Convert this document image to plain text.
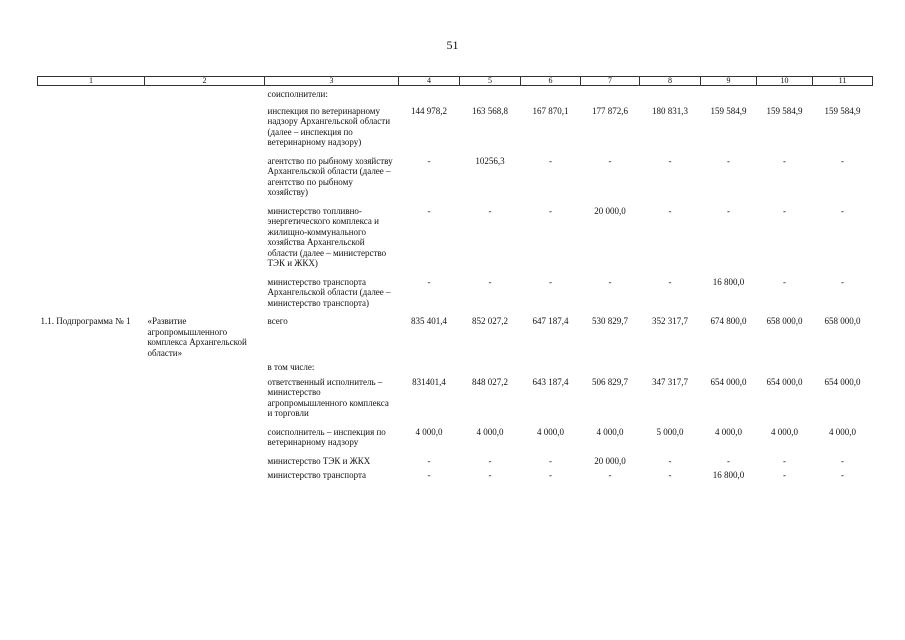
51
1	2	3	4	5	6	7	8	9	10	11
		соисполнители:								
		инспекция по ветеринарному надзору Архангельской области (далее – инспекция по ветеринарному надзору)	144 978,2	163 568,8	167 870,1	177 872,6	180 831,3	159 584,9	159 584,9	159 584,9
		агентство по рыбному хозяйству Архангельской области (далее – агентство по рыбному хозяйству)	-	10256,3	-	-	-	-	-	-
		министерство топливно-энергетического комплекса и жилищно-коммунального хозяйства Архангельской области (далее – министерство ТЭК и ЖКХ)	-	-	-	20 000,0	-	-	-	-
		министерство транспорта Архангельской области (далее – министерство транспорта)	-	-	-	-	-	16 800,0	-	-
1.1. Подпрограмма № 1	«Развитие агропромышленного комплекса Архангельской области»	всего	835 401,4	852 027,2	647 187,4	530 829,7	352 317,7	674 800,0	658 000,0	658 000,0
		в том числе:								
		ответственный исполнитель – министерство агропромышленного комплекса и торговли	831401,4	848 027,2	643 187,4	506 829,7	347 317,7	654 000,0	654 000,0	654 000,0
		соисполнитель – инспекция по ветеринарному надзору	4 000,0	4 000,0	4 000,0	4 000,0	5 000,0	4 000,0	4 000,0	4 000,0
		министерство ТЭК и ЖКХ	-	-	-	20 000,0	-	-	-	-
		министерство транспорта	-	-	-	-	-	16 800,0	-	-
